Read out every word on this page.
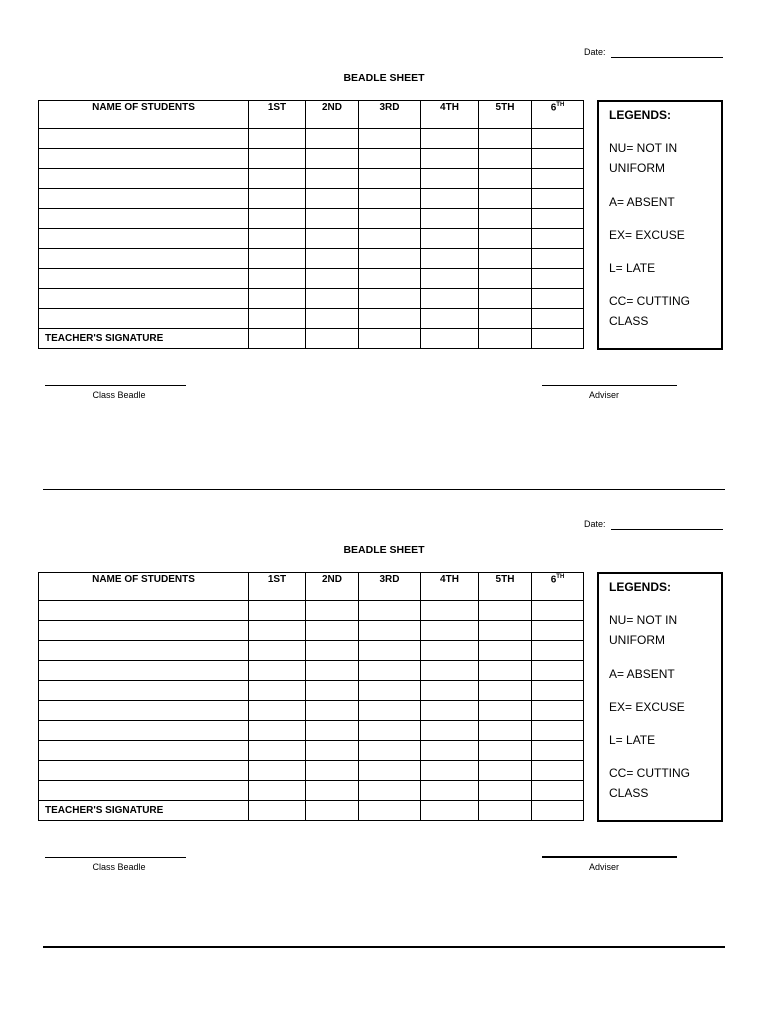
Date:
BEADLE SHEET
NAME OF STUDENTS	1ST	2ND	3RD	4TH	5TH	6TH

TEACHER'S SIGNATURE						
LEGENDS:
NU= NOT IN UNIFORM
A= ABSENT
EX= EXCUSE
L= LATE
CC= CUTTING CLASS
Class Beadle	Adviser
Date:
BEADLE SHEET
NAME OF STUDENTS	1ST	2ND	3RD	4TH	5TH	6TH

TEACHER'S SIGNATURE						
LEGENDS:
NU= NOT IN UNIFORM
A= ABSENT
EX= EXCUSE
L= LATE
CC= CUTTING CLASS
Class Beadle	Adviser
